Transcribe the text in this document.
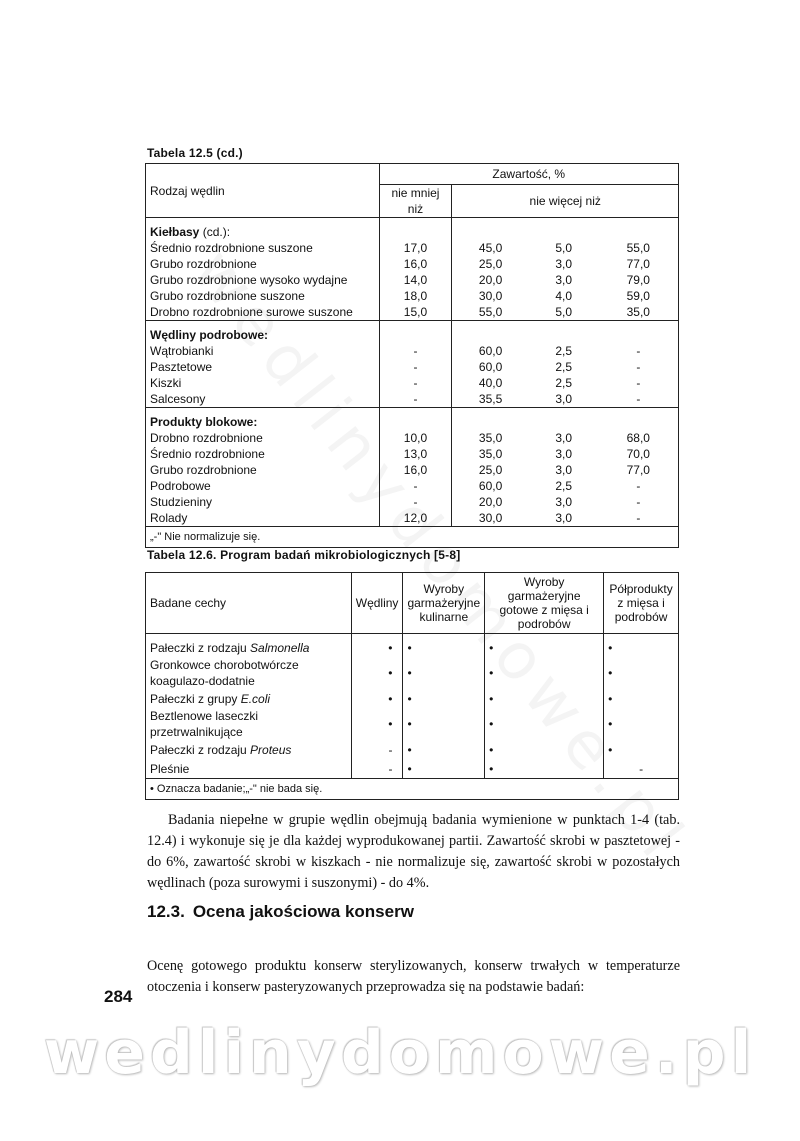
Tabela 12.5 (cd.)
Rodzaj wędlin	Zawartość, %			
	nie mniej niż	nie więcej niż		
Kiełbasy (cd.):				
Średnio rozdrobnione suszone	17,0	45,0	5,0	55,0
Grubo rozdrobnione	16,0	25,0	3,0	77,0
Grubo rozdrobnione wysoko wydajne	14,0	20,0	3,0	79,0
Grubo rozdrobnione suszone	18,0	30,0	4,0	59,0
Drobno rozdrobnione surowe suszone	15,0	55,0	5,0	35,0
Wędliny podrobowe:				
Wątrobianki	-	60,0	2,5	-
Pasztetowe	-	60,0	2,5	-
Kiszki	-	40,0	2,5	-
Salcesony	-	35,5	3,0	-
Produkty blokowe:				
Drobno rozdrobnione	10,0	35,0	3,0	68,0
Średnio rozdrobnione	13,0	35,0	3,0	70,0
Grubo rozdrobnione	16,0	25,0	3,0	77,0
Podrobowe	-	60,0	2,5	-
Studzieniny	-	20,0	3,0	-
Rolady	12,0	30,0	3,0	-
„-" Nie normalizuje się.				
Tabela 12.6. Program badań mikrobiologicznych [5-8]
Badane cechy	Wędliny	Wyroby garmażeryjne kulinarne	Wyroby garmażeryjne gotowe z mięsa i podrobów	Półprodukty z mięsa i podrobów
Pałeczki z rodzaju Salmonella	•	•	•	•
Gronkowce chorobotwórcze koagulazo-dodatnie	•	•	•	•
Pałeczki z grupy E.coli	•	•	•	•
Beztlenowe laseczki przetrwalnikujące	•	•	•	•
Pałeczki z rodzaju Proteus	-	•	•	•
Pleśnie	-	•	•	-
• Oznacza badanie;„-" nie bada się.				

Badania niepełne w grupie wędlin obejmują badania wymienione w punktach 1-4 (tab. 12.4) i wykonuje się je dla każdej wyprodukowanej partii. Zawartość skrobi w pasztetowej - do 6%, zawartość skrobi w kiszkach - nie normalizuje się, zawartość skrobi w pozostałych wędlinach (poza surowymi i suszonymi) - do 4%.

12.3. Ocena jakościowa konserw

Ocenę gotowego produktu konserw sterylizowanych, konserw trwałych w temperaturze otoczenia i konserw pasteryzowanych przeprowadza się na podstawie badań:

284
wedlinydomowe.pl
